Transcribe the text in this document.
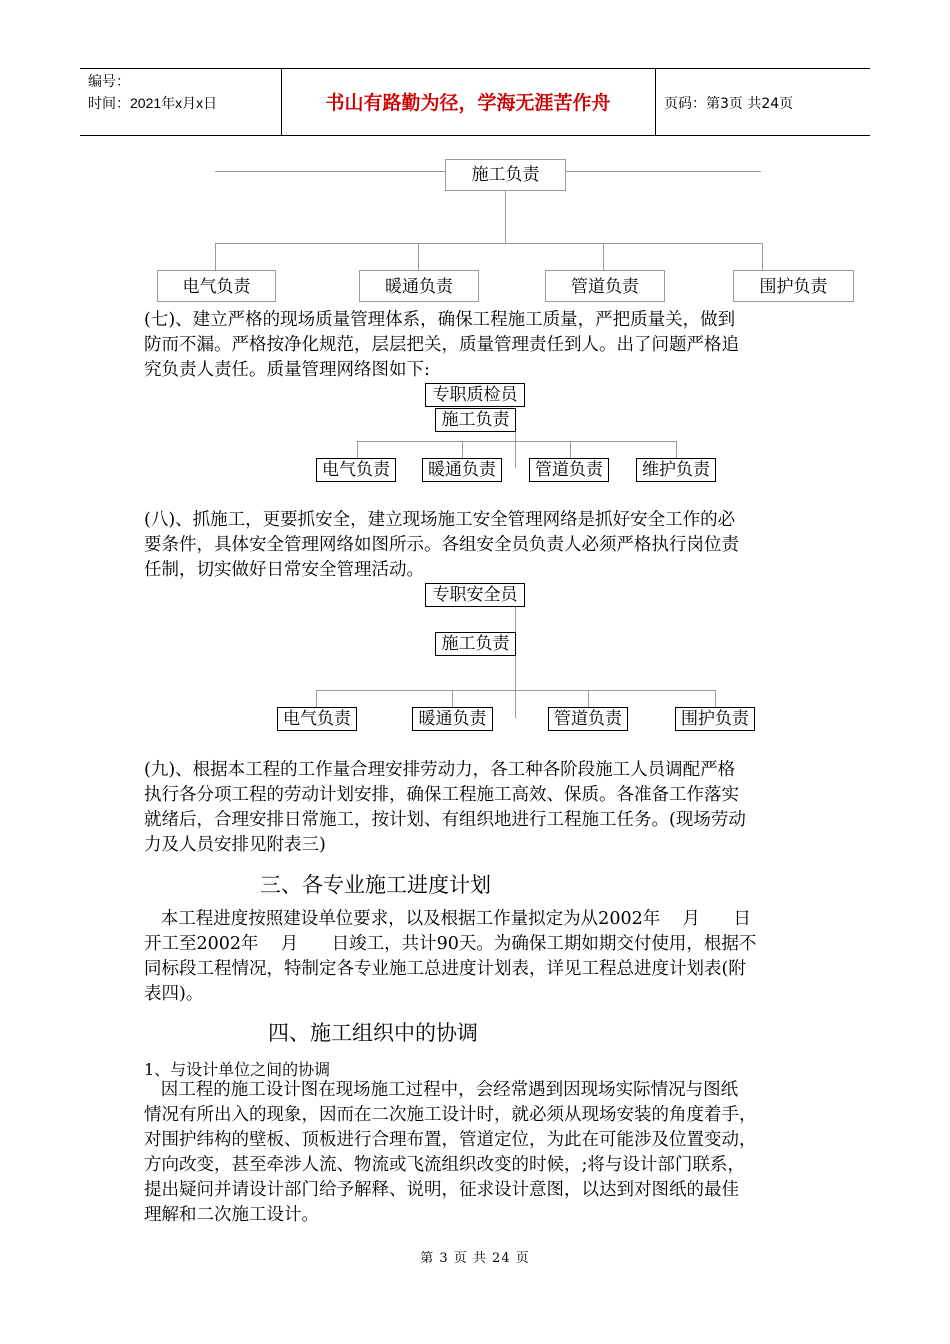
编号：
时间：2021年x月x日	书山有路勤为径，学海无涯苦作舟	页码：第3页 共24页
施工负责
电气负责	暖通负责	管道负责	围护负责
(七)、建立严格的现场质量管理体系，确保工程施工质量，严把质量关，做到
防而不漏。严格按净化规范，层层把关，质量管理责任到人。出了问题严格追
究负责人责任。质量管理网络图如下:
专职质检员
施工负责
电气负责	暖通负责	管道负责	维护负责
(八)、抓施工，更要抓安全，建立现场施工安全管理网络是抓好安全工作的必
要条件，具体安全管理网络如图所示。各组安全员负责人必须严格执行岗位责
任制，切实做好日常安全管理活动。
专职安全员
施工负责
电气负责	暖通负责	管道负责	围护负责
(九)、根据本工程的工作量合理安排劳动力，各工种各阶段施工人员调配严格
执行各分项工程的劳动计划安排，确保工程施工高效、保质。各准备工作落实
就绪后，合理安排日常施工，按计划、有组织地进行工程施工任务。(现场劳动
力及人员安排见附表三)
三、各专业施工进度计划
本工程进度按照建设单位要求，以及根据工作量拟定为从2002年    月      日
开工至2002年    月      日竣工，共计90天。为确保工期如期交付使用，根据不
同标段工程情况，特制定各专业施工总进度计划表，详见工程总进度计划表(附
表四)。
四、施工组织中的协调
1、与设计单位之间的协调
因工程的施工设计图在现场施工过程中，会经常遇到因现场实际情况与图纸
情况有所出入的现象，因而在二次施工设计时，就必须从现场安装的角度着手，
对围护纬构的壁板、顶板进行合理布置，管道定位，为此在可能涉及位置变动，
方向改变，甚至牵涉人流、物流或飞流组织改变的时候，;将与设计部门联系，
提出疑问并请设计部门给予解释、说明，征求设计意图，以达到对图纸的最佳
理解和二次施工设计。
第 3 页 共 24 页
